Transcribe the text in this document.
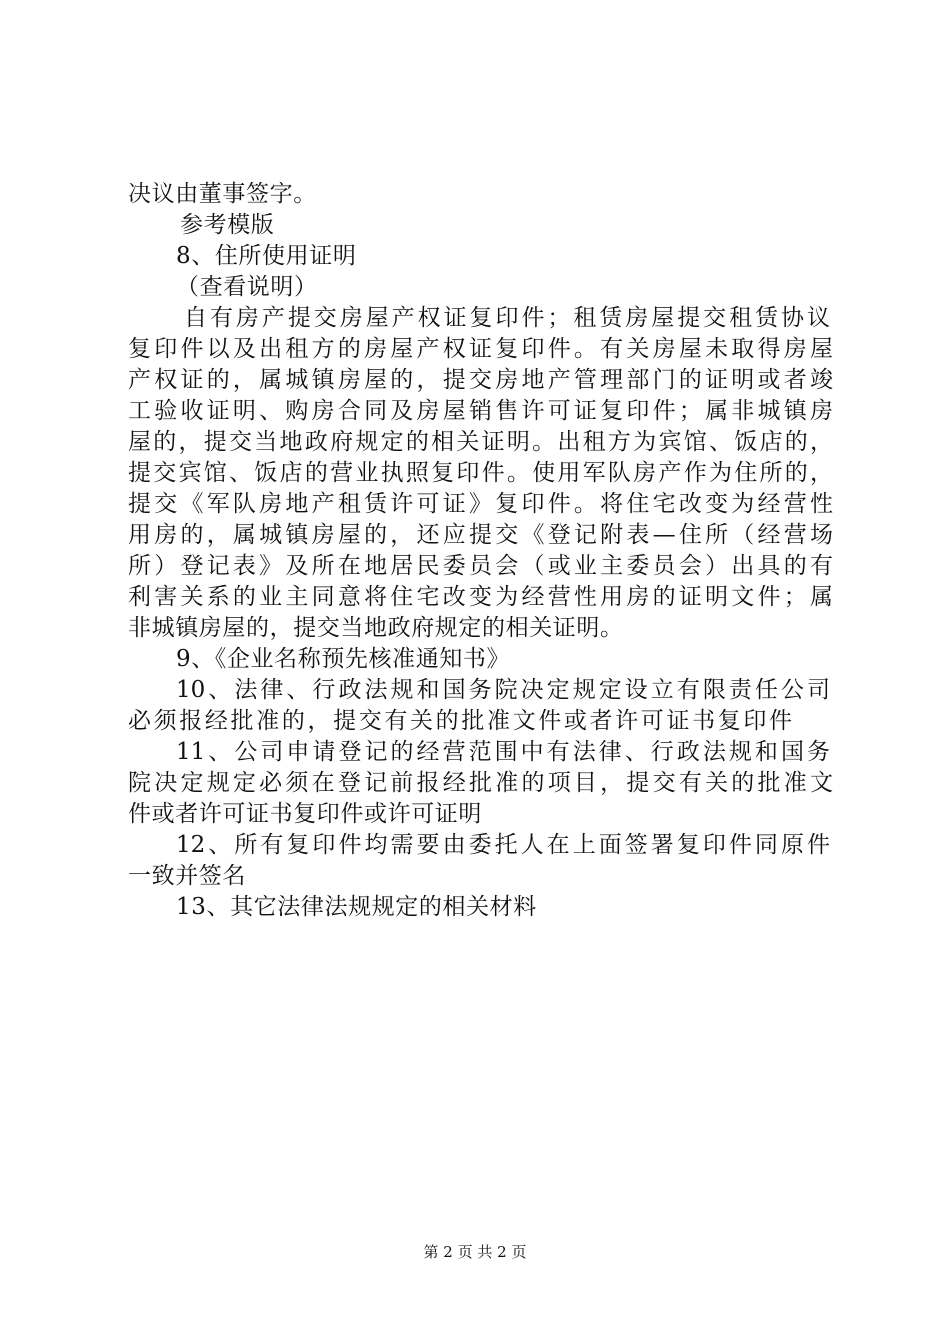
决议由董事签字。
参考模版
8、住所使用证明
（查看说明）
自有房产提交房屋产权证复印件；租赁房屋提交租赁协议
复印件以及出租方的房屋产权证复印件。有关房屋未取得房屋
产权证的，属城镇房屋的，提交房地产管理部门的证明或者竣
工验收证明、购房合同及房屋销售许可证复印件；属非城镇房
屋的，提交当地政府规定的相关证明。出租方为宾馆、饭店的，
提交宾馆、饭店的营业执照复印件。使用军队房产作为住所的，
提交《军队房地产租赁许可证》复印件。将住宅改变为经营性
用房的，属城镇房屋的，还应提交《登记附表—住所（经营场
所）登记表》及所在地居民委员会（或业主委员会）出具的有
利害关系的业主同意将住宅改变为经营性用房的证明文件；属
非城镇房屋的，提交当地政府规定的相关证明。
9、《企业名称预先核准通知书》
10、法律、行政法规和国务院决定规定设立有限责任公司
必须报经批准的，提交有关的批准文件或者许可证书复印件
11、公司申请登记的经营范围中有法律、行政法规和国务
院决定规定必须在登记前报经批准的项目，提交有关的批准文
件或者许可证书复印件或许可证明
12、所有复印件均需要由委托人在上面签署复印件同原件
一致并签名
13、其它法律法规规定的相关材料
第 2 页 共 2 页
